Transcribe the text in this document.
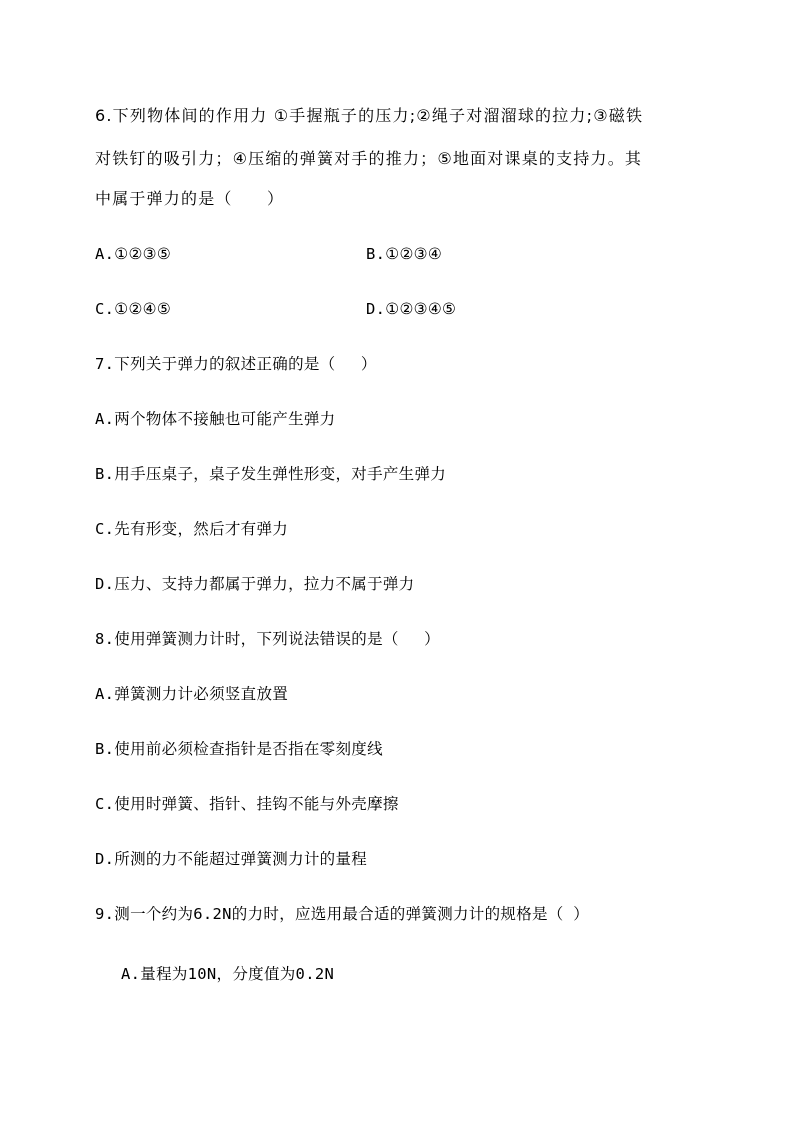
6.下列物体间的作用力 ①手握瓶子的压力;②绳子对溜溜球的拉力;③磁铁
对铁钉的吸引力；④压缩的弹簧对手的推力；⑤地面对课桌的支持力。其
中属于弹力的是（　　）
A.①②③⑤	B.①②③④
C.①②④⑤	D.①②③④⑤
7.下列关于弹力的叙述正确的是（　 ）
A.两个物体不接触也可能产生弹力
B.用手压桌子，桌子发生弹性形变，对手产生弹力
C.先有形变，然后才有弹力
D.压力、支持力都属于弹力，拉力不属于弹力
8.使用弹簧测力计时，下列说法错误的是（　 ）
A.弹簧测力计必须竖直放置
B.使用前必须检查指针是否指在零刻度线
C.使用时弹簧、指针、挂钩不能与外壳摩擦
D.所测的力不能超过弹簧测力计的量程
9.测一个约为6.2N的力时，应选用最合适的弹簧测力计的规格是（ ）
A.量程为10N，分度值为0.2N
